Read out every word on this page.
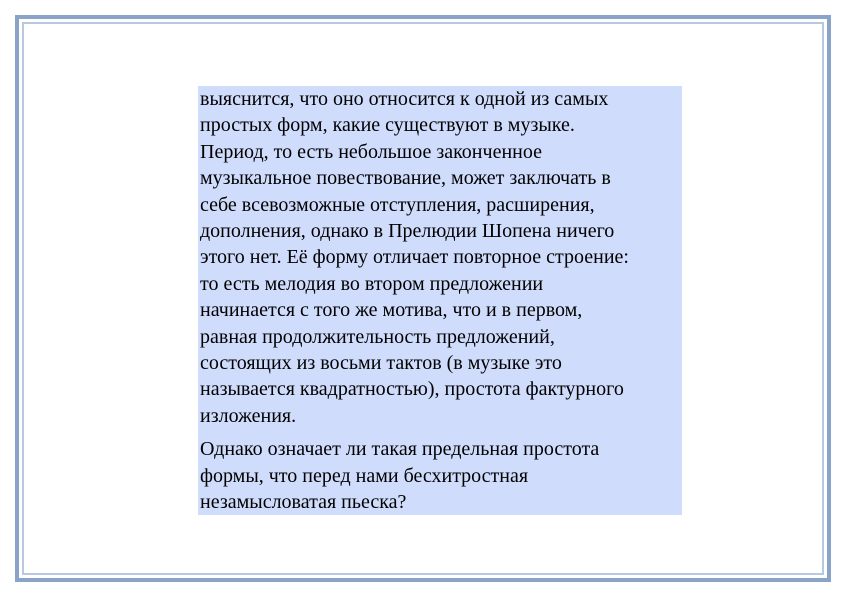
выяснится, что оно относится к одной из самых
простых форм, какие существуют в музыке.
Период, то есть небольшое законченное
музыкальное повествование, может заключать в
себе всевозможные отступления, расширения,
дополнения, однако в Прелюдии Шопена ничего
этого нет. Её форму отличает повторное строение:
то есть мелодия во втором предложении
начинается с того же мотива, что и в первом,
равная продолжительность предложений,
состоящих из восьми тактов (в музыке это
называется квадратностью), простота фактурного
изложения.

Однако означает ли такая предельная простота
формы, что перед нами бесхитростная
незамысловатая пьеска?
